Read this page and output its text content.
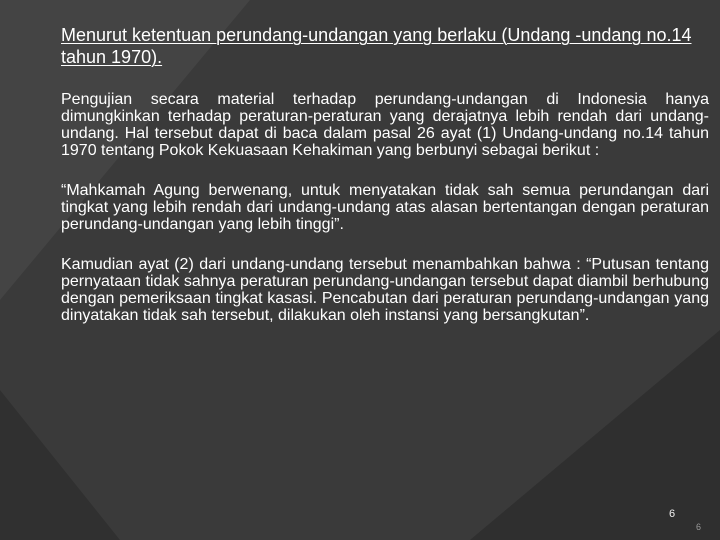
Menurut ketentuan perundang-undangan yang berlaku (Undang -undang no.14 tahun 1970).

Pengujian secara material terhadap perundang-undangan di Indonesia hanya dimungkinkan terhadap peraturan-peraturan yang derajatnya lebih rendah dari undang-undang. Hal tersebut dapat di baca dalam pasal 26 ayat (1) Undang-undang no.14 tahun 1970 tentang Pokok Kekuasaan Kehakiman yang berbunyi sebagai berikut :

“Mahkamah Agung berwenang, untuk menyatakan tidak sah semua perundangan dari tingkat yang lebih rendah dari undang-undang atas alasan bertentangan dengan peraturan perundang-undangan yang lebih tinggi”.

Kamudian ayat (2) dari undang-undang tersebut menambahkan bahwa : “Putusan tentang pernyataan tidak sahnya peraturan perundang-undangan tersebut dapat diambil berhubung dengan pemeriksaan tingkat kasasi. Pencabutan dari peraturan perundang-undangan yang dinyatakan tidak sah tersebut, dilakukan oleh instansi yang bersangkutan”.

6
6
